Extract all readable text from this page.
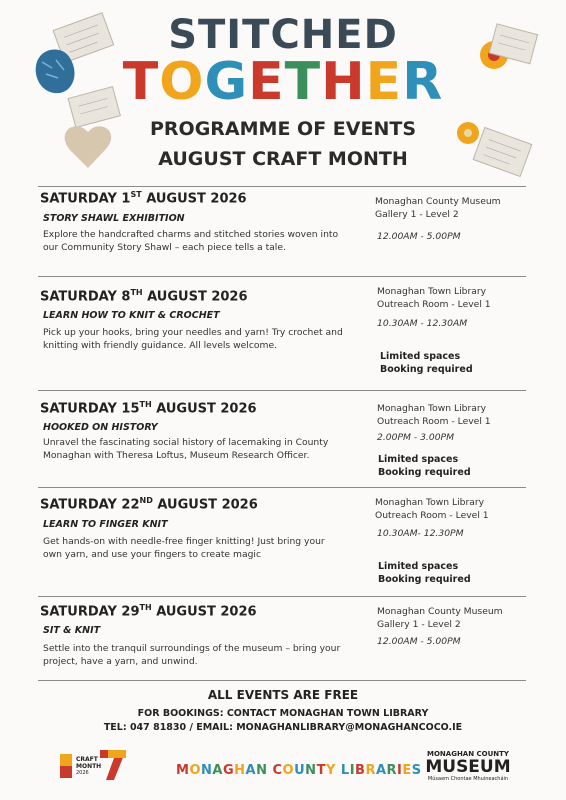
STITCHED
TOGETHER
PROGRAMME OF EVENTS
AUGUST CRAFT MONTH
SATURDAY 1ST AUGUST 2026
STORY SHAWL EXHIBITION
Explore the handcrafted charms and stitched stories woven into our Community Story Shawl – each piece tells a tale.
Monaghan County Museum
Gallery 1 - Level 2
12.00AM - 5.00PM
SATURDAY 8TH AUGUST 2026
LEARN HOW TO KNIT & CROCHET
Pick up your hooks, bring your needles and yarn! Try crochet and knitting with friendly guidance. All levels welcome.
Monaghan Town Library
Outreach Room - Level 1
10.30AM - 12.30AM
Limited spaces
Booking required
SATURDAY 15TH AUGUST 2026
HOOKED ON HISTORY
Unravel the fascinating social history of lacemaking in County Monaghan with Theresa Loftus, Museum Research Officer.
Monaghan Town Library
Outreach Room - Level 1
2.00PM - 3.00PM
Limited spaces
Booking required
SATURDAY 22ND AUGUST 2026
LEARN TO FINGER KNIT
Get hands-on with needle-free finger knitting! Just bring your own yarn, and use your fingers to create magic
Monaghan Town Library
Outreach Room - Level 1
10.30AM- 12.30PM
Limited spaces
Booking required
SATURDAY 29TH AUGUST 2026
SIT & KNIT
Settle into the tranquil surroundings of the museum – bring your project, have a yarn, and unwind.
Monaghan County Museum
Gallery 1 - Level 2
12.00AM - 5.00PM
ALL EVENTS ARE FREE
FOR BOOKINGS: CONTACT MONAGHAN TOWN LIBRARY
TEL: 047 81830 / EMAIL: MONAGHANLIBRARY@MONAGHANCOCO.IE
CRAFT
MONTH
2026	MONAGHAN COUNTY LIBRARIES
MONAGHAN COUNTY
MUSEUM
Músaem Chontae Mhuineacháin
